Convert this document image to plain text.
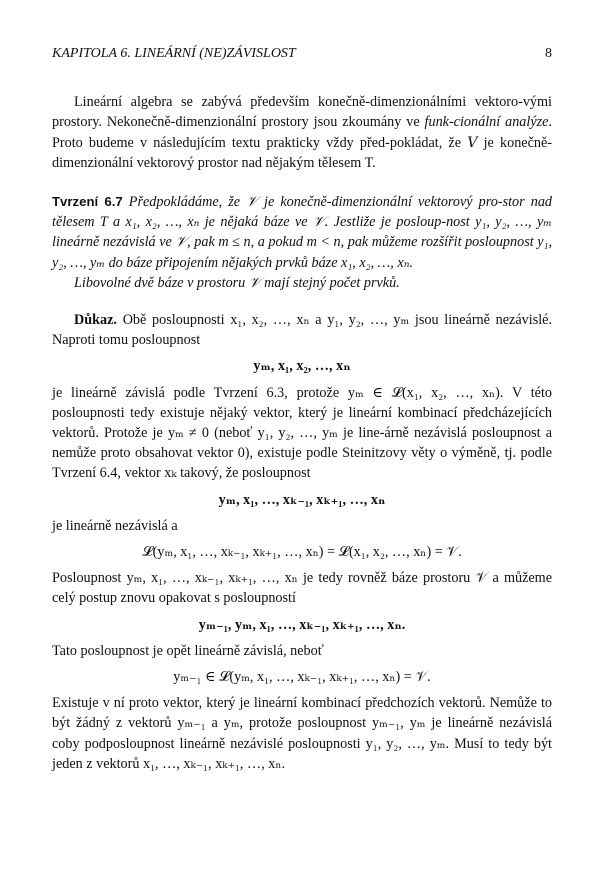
KAPITOLA 6. LINEÁRNÍ (NE)ZÁVISLOST	8

Lineární algebra se zabývá především konečně-dimenzionálními vektoro-vými prostory. Nekonečně-dimenzionální prostory jsou zkoumány ve funk-cionální analýze. Proto budeme v následujícím textu prakticky vždy před-pokládat, že V je konečně-dimenzionální vektorový prostor nad nějakým tělesem T.

Tvrzení 6.7 Předpokládáme, že 𝒱 je konečně-dimenzionální vektorový pro-stor nad tělesem T a x₁, x₂, …, xₙ je nějaká báze ve 𝒱. Jestliže je posloup-nost y₁, y₂, …, yₘ lineárně nezávislá ve 𝒱, pak m ≤ n, a pokud m < n, pak můžeme rozšířit posloupnost y₁, y₂, …, yₘ do báze připojením nějakých prvků báze x₁, x₂, …, xₙ.

Libovolné dvě báze v prostoru 𝒱 mají stejný počet prvků.

Důkaz. Obě posloupnosti x₁, x₂, …, xₙ a y₁, y₂, …, yₘ jsou lineárně nezávislé. Naproti tomu posloupnost

yₘ, x₁, x₂, …, xₙ

je lineárně závislá podle Tvrzení 6.3, protože yₘ ∈ 𝓛(x₁, x₂, …, xₙ). V této posloupnosti tedy existuje nějaký vektor, který je lineární kombinací předcházejících vektorů. Protože je yₘ ≠ 0 (neboť y₁, y₂, …, yₘ je line-árně nezávislá posloupnost a nemůže proto obsahovat vektor 0), existuje podle Steinitzovy věty o výměně, tj. podle Tvrzení 6.4, vektor xₖ takový, že posloupnost

yₘ, x₁, …, xₖ₋₁, xₖ₊₁, …, xₙ

je lineárně nezávislá a

𝓛(yₘ, x₁, …, xₖ₋₁, xₖ₊₁, …, xₙ) = 𝓛(x₁, x₂, …, xₙ) = 𝒱.

Posloupnost yₘ, x₁, …, xₖ₋₁, xₖ₊₁, …, xₙ je tedy rovněž báze prostoru 𝒱 a můžeme celý postup znovu opakovat s posloupností

yₘ₋₁, yₘ, x₁, …, xₖ₋₁, xₖ₊₁, …, xₙ.

Tato posloupnost je opět lineárně závislá, neboť

yₘ₋₁ ∈ 𝓛(yₘ, x₁, …, xₖ₋₁, xₖ₊₁, …, xₙ) = 𝒱.

Existuje v ní proto vektor, který je lineární kombinací předchozích vektorů. Nemůže to být žádný z vektorů yₘ₋₁ a yₘ, protože posloupnost yₘ₋₁, yₘ je lineárně nezávislá coby podposloupnost lineárně nezávislé posloupnosti y₁, y₂, …, yₘ. Musí to tedy být jeden z vektorů x₁, …, xₖ₋₁, xₖ₊₁, …, xₙ.
